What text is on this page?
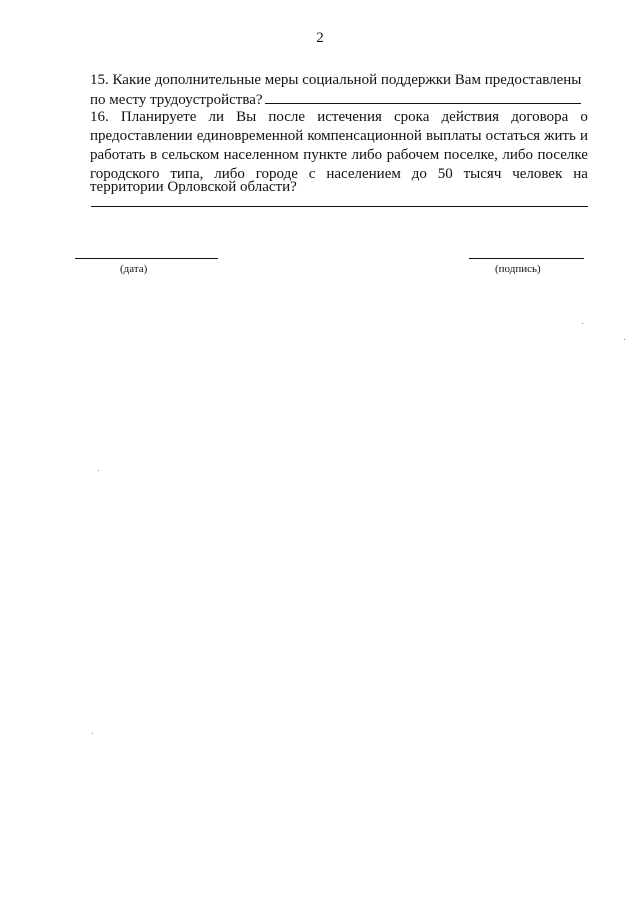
2
15. Какие дополнительные меры социальной поддержки Вам предоставлены
по месту трудоустройства?
16. Планируете ли Вы после истечения срока действия договора о
предоставлении единовременной компенсационной выплаты остаться жить и
работать в сельском населенном пункте либо рабочем поселке, либо поселке
городского типа, либо городе с населением до 50 тысяч человек на
территории Орловской области?
(дата)	(подпись)
